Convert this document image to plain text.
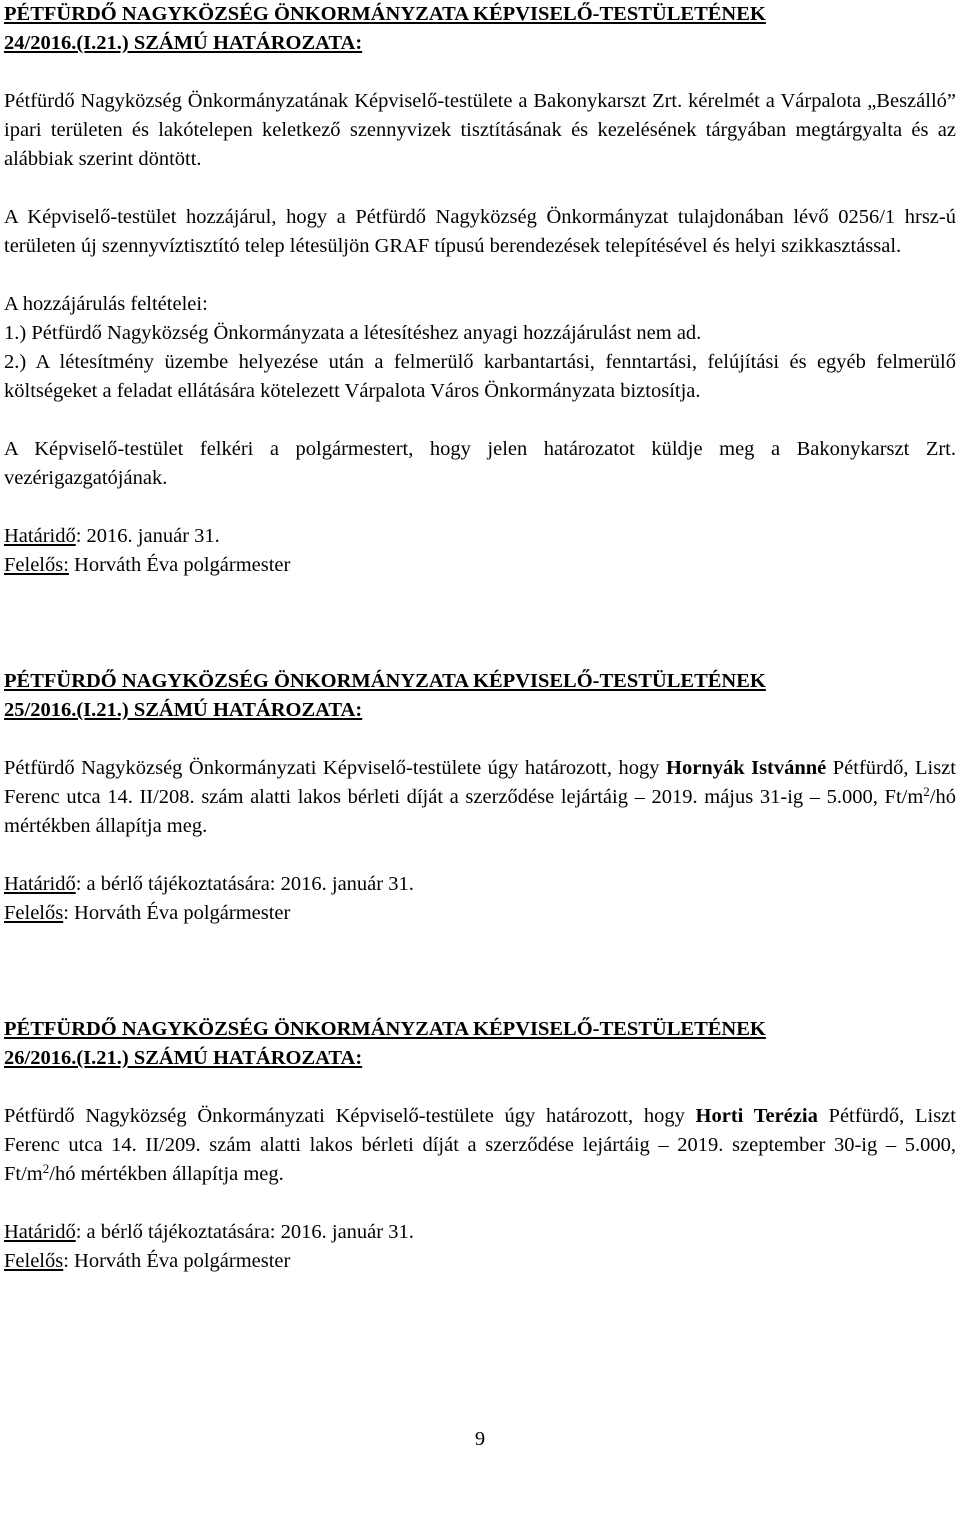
PÉTFÜRDŐ NAGYKÖZSÉG ÖNKORMÁNYZATA KÉPVISELŐ-TESTÜLETÉNEK
24/2016.(I.21.) SZÁMÚ HATÁROZATA:

Pétfürdő Nagyközség Önkormányzatának Képviselő-testülete a Bakonykarszt Zrt. kérelmét a Várpalota „Beszálló” ipari területen és lakótelepen keletkező szennyvizek tisztításának és kezelésének tárgyában megtárgyalta és az alábbiak szerint döntött.

A Képviselő-testület hozzájárul, hogy a Pétfürdő Nagyközség Önkormányzat tulajdonában lévő 0256/1 hrsz-ú területen új szennyvíztisztító telep létesüljön GRAF típusú berendezések telepítésével és helyi szikkasztással.

A hozzájárulás feltételei:

1.) Pétfürdő Nagyközség Önkormányzata a létesítéshez anyagi hozzájárulást nem ad.

2.) A létesítmény üzembe helyezése után a felmerülő karbantartási, fenntartási, felújítási és egyéb felmerülő költségeket a feladat ellátására kötelezett Várpalota Város Önkormányzata biztosítja.

A Képviselő-testület felkéri a polgármestert, hogy jelen határozatot küldje meg a Bakonykarszt Zrt. vezérigazgatójának.

Határidő: 2016. január 31.

Felelős: Horváth Éva polgármester

PÉTFÜRDŐ NAGYKÖZSÉG ÖNKORMÁNYZATA KÉPVISELŐ-TESTÜLETÉNEK
25/2016.(I.21.) SZÁMÚ HATÁROZATA:

Pétfürdő Nagyközség Önkormányzati Képviselő-testülete úgy határozott, hogy Hornyák Istvánné Pétfürdő, Liszt Ferenc utca 14. II/208. szám alatti lakos bérleti díját a szerződése lejártáig – 2019. május 31-ig – 5.000, $Ft/m^2/hó$ mértékben állapítja meg.

Határidő: a bérlő tájékoztatására: 2016. január 31.

Felelős: Horváth Éva polgármester

PÉTFÜRDŐ NAGYKÖZSÉG ÖNKORMÁNYZATA KÉPVISELŐ-TESTÜLETÉNEK
26/2016.(I.21.) SZÁMÚ HATÁROZATA:

Pétfürdő Nagyközség Önkormányzati Képviselő-testülete úgy határozott, hogy Horti Terézia Pétfürdő, Liszt Ferenc utca 14. II/209. szám alatti lakos bérleti díját a szerződése lejártáig – 2019. szeptember 30-ig – 5.000, $Ft/m^2/hó$ mértékben állapítja meg.

Határidő: a bérlő tájékoztatására: 2016. január 31.

Felelős: Horváth Éva polgármester

9
